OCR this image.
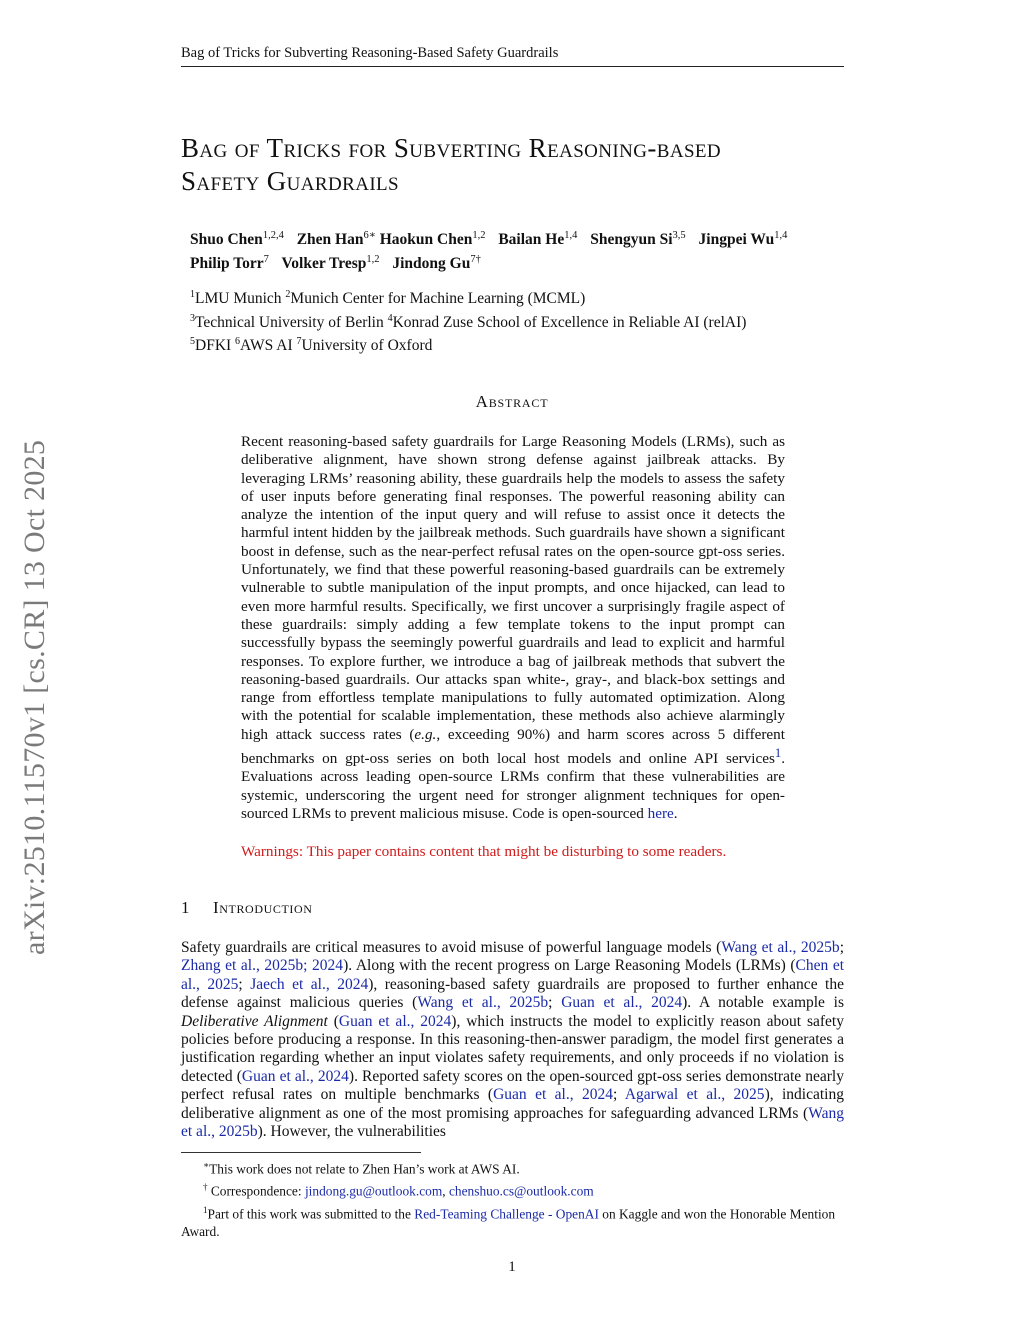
Bag of Tricks for Subverting Reasoning-Based Safety Guardrails
Bag of Tricks for Subverting Reasoning-based
Safety Guardrails
Shuo Chen$^{1,2,4}$ Zhen Han$^{6∗}$ Haokun Chen$^{1,2}$ Bailan He$^{1,4}$ Shengyun Si$^{3,5}$ Jingpei Wu$^{1,4}$
Philip Torr$^7$ Volker Tresp$^{1,2}$ Jindong $Gu^{7\dagger}$
$^1$LMU Munich $^2$Munich Center for Machine Learning (MCML)
$^3$Technical University of Berlin $^4$Konrad Zuse School of Excellence in Reliable AI (relAI)
$^5$DFKI $^6$AWS AI $^7$University of Oxford
arXiv:2510.11570v1 [cs.CR] 13 Oct 2025
Abstract

Recent reasoning-based safety guardrails for Large Reasoning Models (LRMs), such as deliberative alignment, have shown strong defense against jailbreak attacks. By leveraging LRMs’ reasoning ability, these guardrails help the models to assess the safety of user inputs before generating final responses. The powerful reasoning ability can analyze the intention of the input query and will refuse to assist once it detects the harmful intent hidden by the jailbreak methods. Such guardrails have shown a significant boost in defense, such as the near-perfect refusal rates on the open-source gpt-oss series. Unfortunately, we find that these powerful reasoning-based guardrails can be extremely vulnerable to subtle manipulation of the input prompts, and once hijacked, can lead to even more harmful results. Specifically, we first uncover a surprisingly fragile aspect of these guardrails: simply adding a few template tokens to the input prompt can successfully bypass the seemingly powerful guardrails and lead to explicit and harmful responses. To explore further, we introduce a bag of jailbreak methods that subvert the reasoning-based guardrails. Our attacks span white-, gray-, and black-box settings and range from effortless template manipulations to fully automated optimization. Along with the potential for scalable implementation, these methods also achieve alarmingly high attack success rates (e.g., exceeding 90%) and harm scores across 5 different benchmarks on gpt-oss series on both local host models and online API services$^1$. Evaluations across leading open-source LRMs confirm that these vulnerabilities are systemic, underscoring the urgent need for stronger alignment techniques for open-sourced LRMs to prevent malicious misuse. Code is open-sourced here.

Warnings: This paper contains content that might be disturbing to some readers.
1 Introduction

Safety guardrails are critical measures to avoid misuse of powerful language models (Wang et al., 2025b; Zhang et al., 2025b; 2024). Along with the recent progress on Large Reasoning Models (LRMs) (Chen et al., 2025; Jaech et al., 2024), reasoning-based safety guardrails are proposed to further enhance the defense against malicious queries (Wang et al., 2025b; Guan et al., 2024). A notable example is Deliberative Alignment (Guan et al., 2024), which instructs the model to explicitly reason about safety policies before producing a response. In this reasoning-then-answer paradigm, the model first generates a justification regarding whether an input violates safety requirements, and only proceeds if no violation is detected (Guan et al., 2024). Reported safety scores on the open-sourced gpt-oss series demonstrate nearly perfect refusal rates on multiple benchmarks (Guan et al., 2024; Agarwal et al., 2025), indicating deliberative alignment as one of the most promising approaches for safeguarding advanced LRMs (Wang et al., 2025b). However, the vulnerabilities

∗This work does not relate to Zhen Han’s work at AWS AI.
† Correspondence: jindong.gu@outlook.com, chenshuo.cs@outlook.com
$^1$Part of this work was submitted to the Red-Teaming Challenge - OpenAI on Kaggle and won the Honorable Mention Award.
1
